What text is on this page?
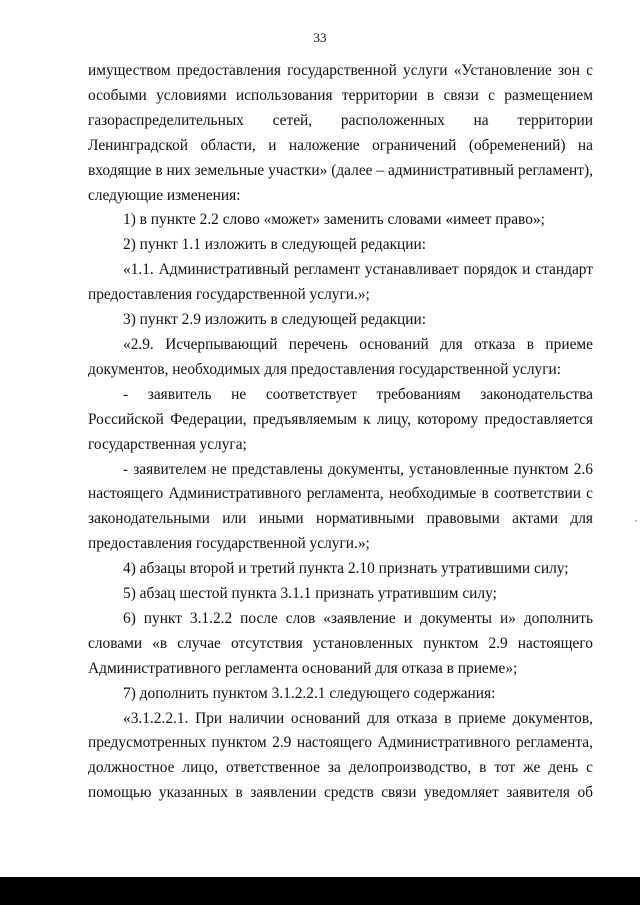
33

имуществом предоставления государственной услуги «Установление зон с особыми условиями использования территории в связи с размещением газораспределительных сетей, расположенных на территории Ленинградской области, и наложение ограничений (обременений) на входящие в них земельные участки» (далее – административный регламент), следующие изменения:

1) в пункте 2.2 слово «может» заменить словами «имеет право»;

2) пункт 1.1 изложить в следующей редакции:

«1.1. Административный регламент устанавливает порядок и стандарт предоставления государственной услуги.»;

3) пункт 2.9 изложить в следующей редакции:

«2.9. Исчерпывающий перечень оснований для отказа в приеме документов, необходимых для предоставления государственной услуги:

- заявитель не соответствует требованиям законодательства Российской Федерации, предъявляемым к лицу, которому предоставляется государственная услуга;

- заявителем не представлены документы, установленные пунктом 2.6 настоящего Административного регламента, необходимые в соответствии с законодательными или иными нормативными правовыми актами для предоставления государственной услуги.»;

4) абзацы второй и третий пункта 2.10 признать утратившими силу;

5) абзац шестой пункта 3.1.1 признать утратившим силу;

6) пункт 3.1.2.2 после слов «заявление и документы и» дополнить словами «в случае отсутствия установленных пунктом 2.9 настоящего Административного регламента оснований для отказа в приеме»;

7) дополнить пунктом 3.1.2.2.1 следующего содержания:

«3.1.2.2.1. При наличии оснований для отказа в приеме документов, предусмотренных пунктом 2.9 настоящего Административного регламента, должностное лицо, ответственное за делопроизводство, в тот же день с помощью указанных в заявлении средств связи уведомляет заявителя об
